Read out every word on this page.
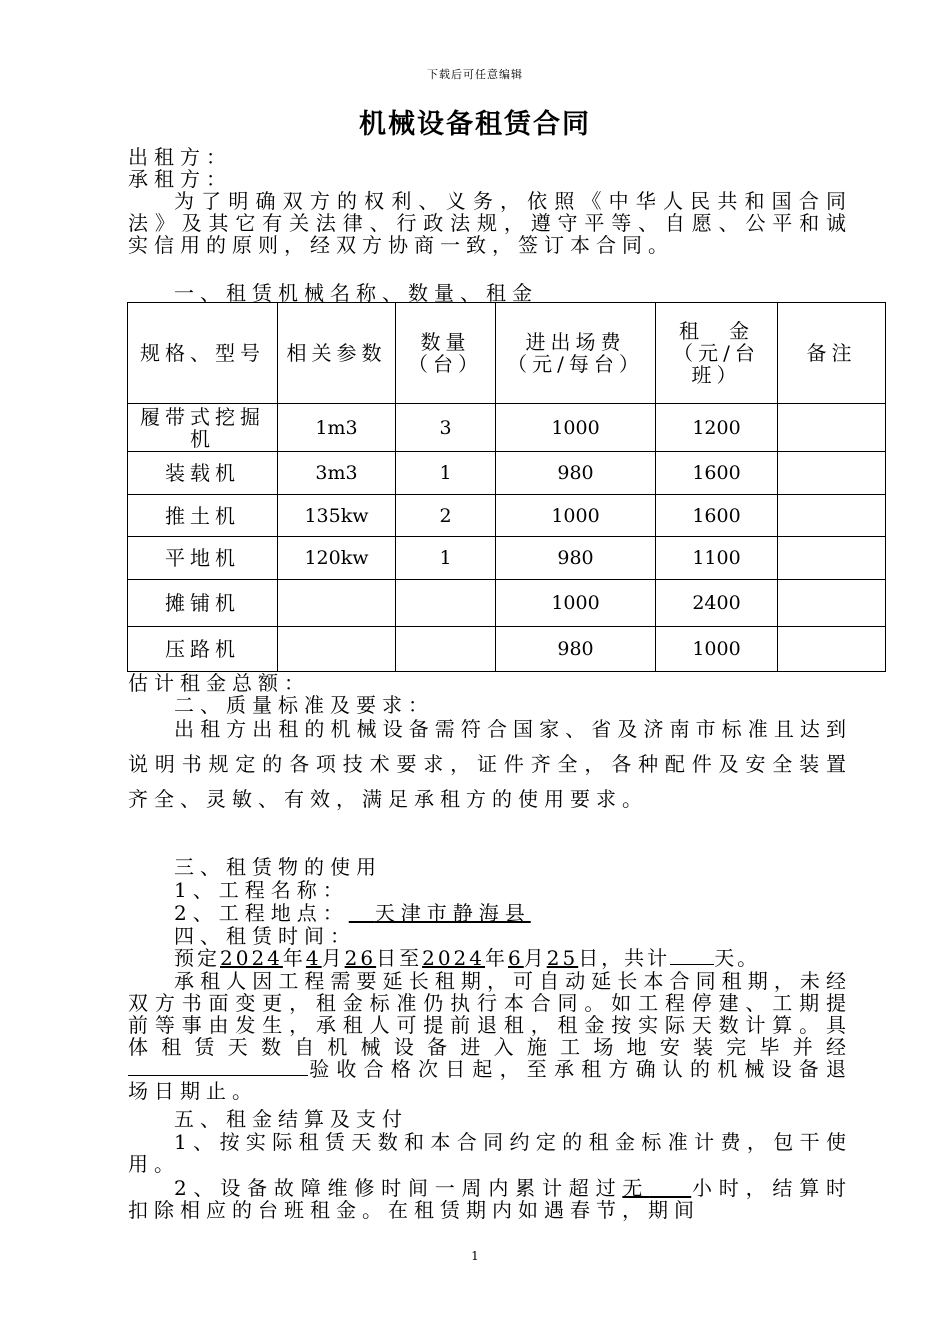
下载后可任意编辑
机械设备租赁合同
出租方：
承租方：
为了明确双方的权利、义务，依照《中华人民共和国合同法》及其它有关法律、行政法规，遵守平等、自愿、公平和诚实信用的原则，经双方协商一致，签订本合同。
一、租赁机械名称、数量、租金
规格、型号	相关参数	数量（台）	进出场费（元/每台）	租　金（元/台班）	备注
履带式挖掘机	1m3	3	1000	1200	
装载机	3m3	1	980	1600	
推土机	135kw	2	1000	1600	
平地机	120kw	1	980	1100	
摊铺机			1000	2400	
压路机			980	1000	
估计租金总额：
二、质量标准及要求：
出租方出租的机械设备需符合国家、省及济南市标准且达到说明书规定的各项技术要求，证件齐全，各种配件及安全装置齐全、灵敏、有效，满足承租方的使用要求。
三、租赁物的使用
1、工程名称：
2、工程地点：  天津市静海县
四、租赁时间：
预定2024年4月26日至2024年6月25日，共计 天。
承租人因工程需要延长租期，可自动延长本合同租期，未经双方书面变更，租金标准仍执行本合同。如工程停建、工期提前等事由发生，承租人可提前退租，租金按实际天数计算。具体租赁天数自机械设备进入施工场地安装完毕并经验收合格次日起，至承租方确认的机械设备退场日期止。
五、租金结算及支付
1、按实际租赁天数和本合同约定的租金标准计费，包干使用。
2、设备故障维修时间一周内累计超过无   小时，结算时扣除相应的台班租金。在租赁期内如遇春节，期间
1
